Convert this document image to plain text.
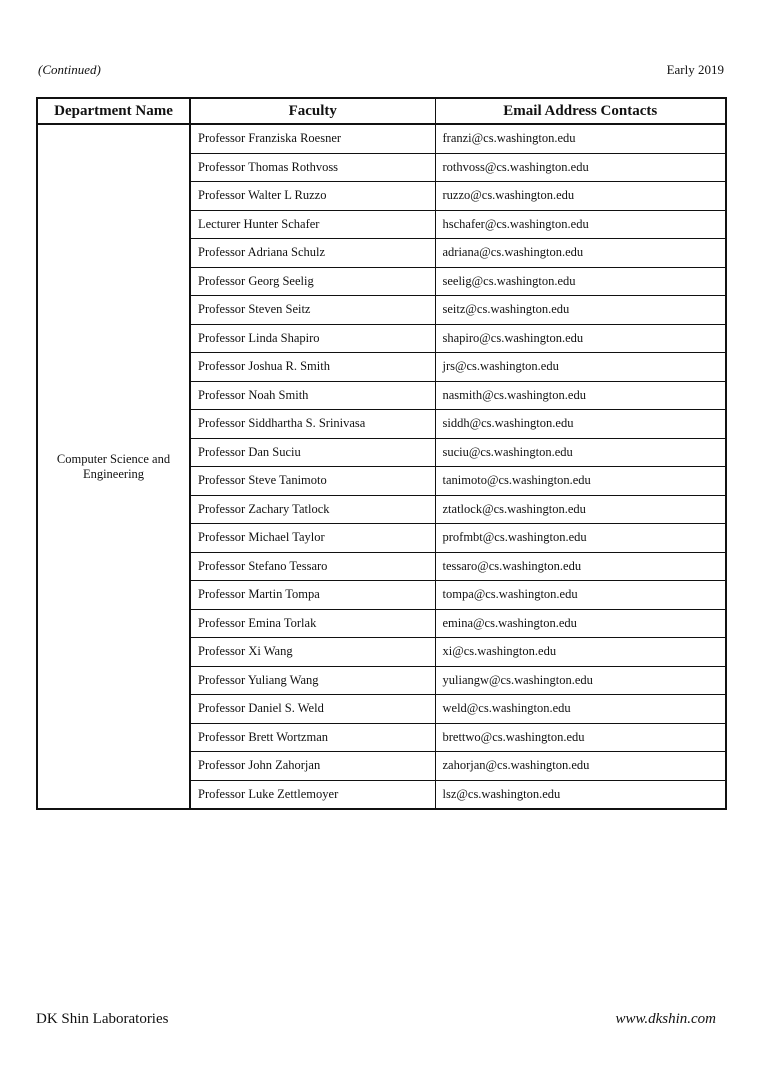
(Continued)	Early 2019
Department Name	Faculty	Email Address Contacts
Computer Science and Engineering	Professor Franziska Roesner	franzi@cs.washington.edu
	Professor Thomas Rothvoss	rothvoss@cs.washington.edu
	Professor Walter L Ruzzo	ruzzo@cs.washington.edu
	Lecturer Hunter Schafer	hschafer@cs.washington.edu
	Professor Adriana Schulz	adriana@cs.washington.edu
	Professor Georg Seelig	seelig@cs.washington.edu
	Professor Steven Seitz	seitz@cs.washington.edu
	Professor Linda Shapiro	shapiro@cs.washington.edu
	Professor Joshua R. Smith	jrs@cs.washington.edu
	Professor Noah Smith	nasmith@cs.washington.edu
	Professor Siddhartha S. Srinivasa	siddh@cs.washington.edu
	Professor Dan Suciu	suciu@cs.washington.edu
	Professor Steve Tanimoto	tanimoto@cs.washington.edu
	Professor Zachary Tatlock	ztatlock@cs.washington.edu
	Professor Michael Taylor	profmbt@cs.washington.edu
	Professor Stefano Tessaro	tessaro@cs.washington.edu
	Professor Martin Tompa	tompa@cs.washington.edu
	Professor Emina Torlak	emina@cs.washington.edu
	Professor Xi Wang	xi@cs.washington.edu
	Professor Yuliang Wang	yuliangw@cs.washington.edu
	Professor Daniel S. Weld	weld@cs.washington.edu
	Professor Brett Wortzman	brettwo@cs.washington.edu
	Professor John Zahorjan	zahorjan@cs.washington.edu
	Professor Luke Zettlemoyer	lsz@cs.washington.edu
DK Shin Laboratories	www.dkshin.com
